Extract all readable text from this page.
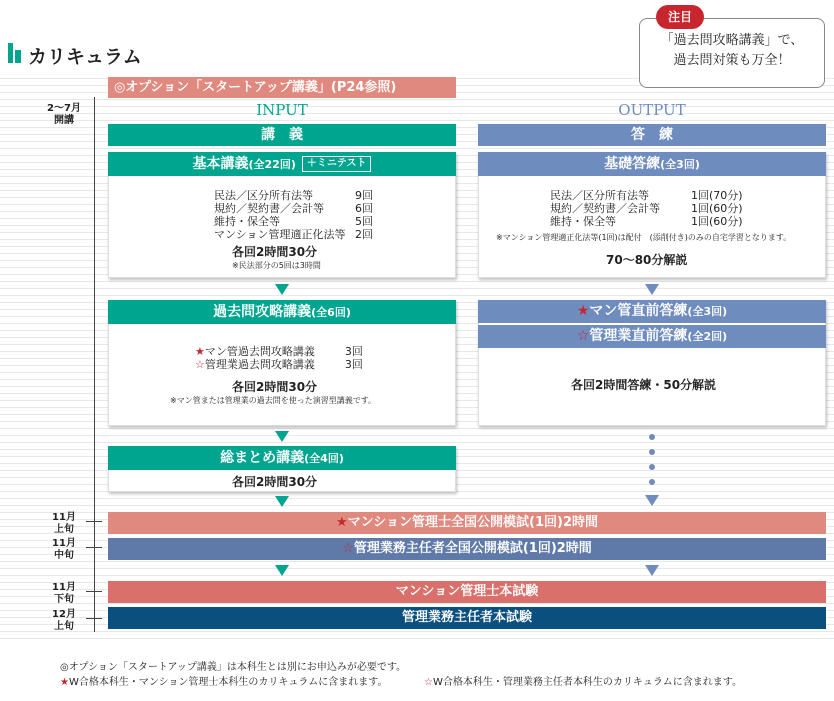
カリキュラム
「過去問攻略講義」で、
過去問対策も万全！
注目
2～7月
開講
11月
上旬
11月
中旬
11月
下旬
12月
上旬
◎オプション「スタートアップ講義」(P24参照)
INPUT
講　義
基本講義(全22回) ＋ミニテスト
民法／区分所有法等	9回
規約／契約書／会計等	6回
維持・保全等	5回
マンション管理適正化法等 2回
各回2時間30分
※民法部分の5回は3時間
過去問攻略講義(全6回)
★ マン管過去問攻略講義	3回
☆ 管理業過去問攻略講義	3回
各回2時間30分
※マン管または管理業の過去問を使った演習型講義です。
総まとめ講義(全4回)
各回2時間30分
OUTPUT
答　練
基礎答練(全3回)
民法／区分所有法等	1回(70分)
規約／契約書／会計等	1回(60分)
維持・保全等	1回(60分)
※マンション管理適正化法等(1回)は配付　(添削付き)のみの自宅学習となります。
70～80分解説
★マン管直前答練(全3回)
☆管理業直前答練(全2回)
各回2時間答練・50分解説
★マンション管理士全国公開模試(1回)2時間
☆管理業務主任者全国公開模試(1回)2時間
マンション管理士本試験
管理業務主任者本試験
◎オプション「スタートアップ講義」は本科生とは別にお申込みが必要です。
★W合格本科生・マンション管理士本科生のカリキュラムに含まれます。	☆W合格本科生・管理業務主任者本科生のカリキュラムに含まれます。
